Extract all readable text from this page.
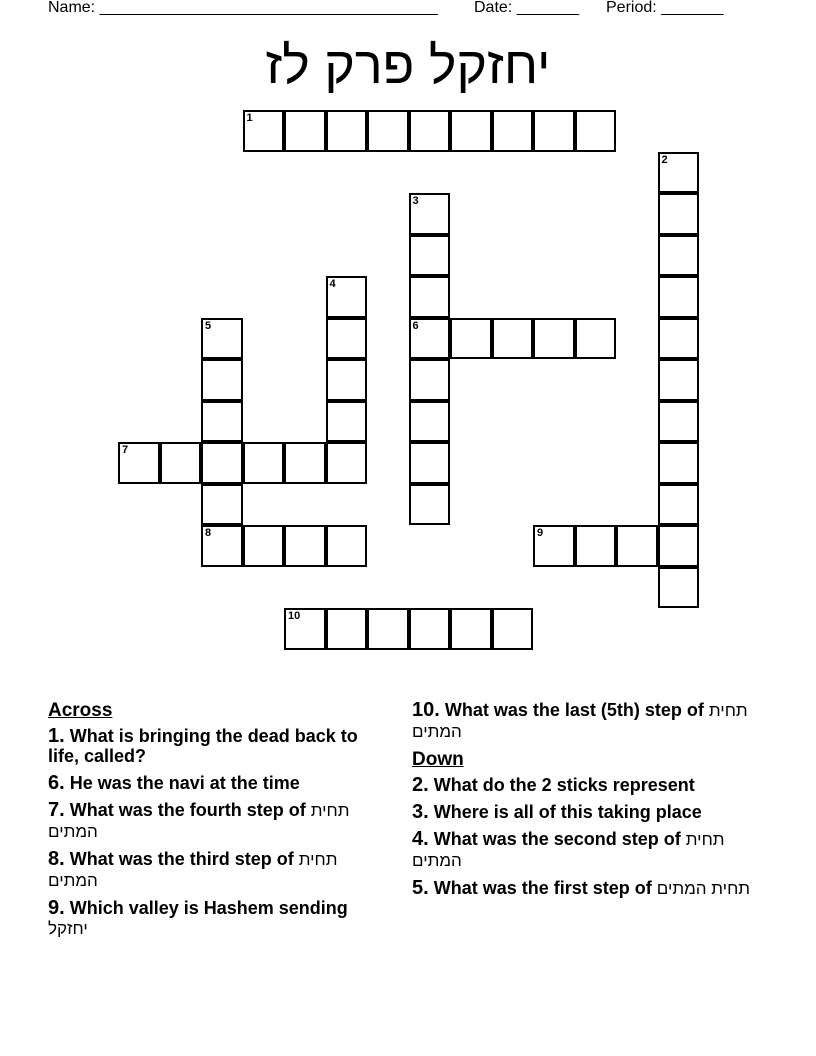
Name: ______________________________________ Date: _______ Period: _______
יחזקל פרק לז
1
2
3
6
4
5
8
7
9
10
Across
1. What is bringing the dead back to life, called?
6. He was the navi at the time
7. What was the fourth step of תחית המתים
8. What was the third step of תחית המתים
9. Which valley is Hashem sending יחזקל
10. What was the last (5th) step of תחית המתים
Down
2. What do the 2 sticks represent
3. Where is all of this taking place
4. What was the second step of תחית המתים
5. What was the first step of תחית המתים
